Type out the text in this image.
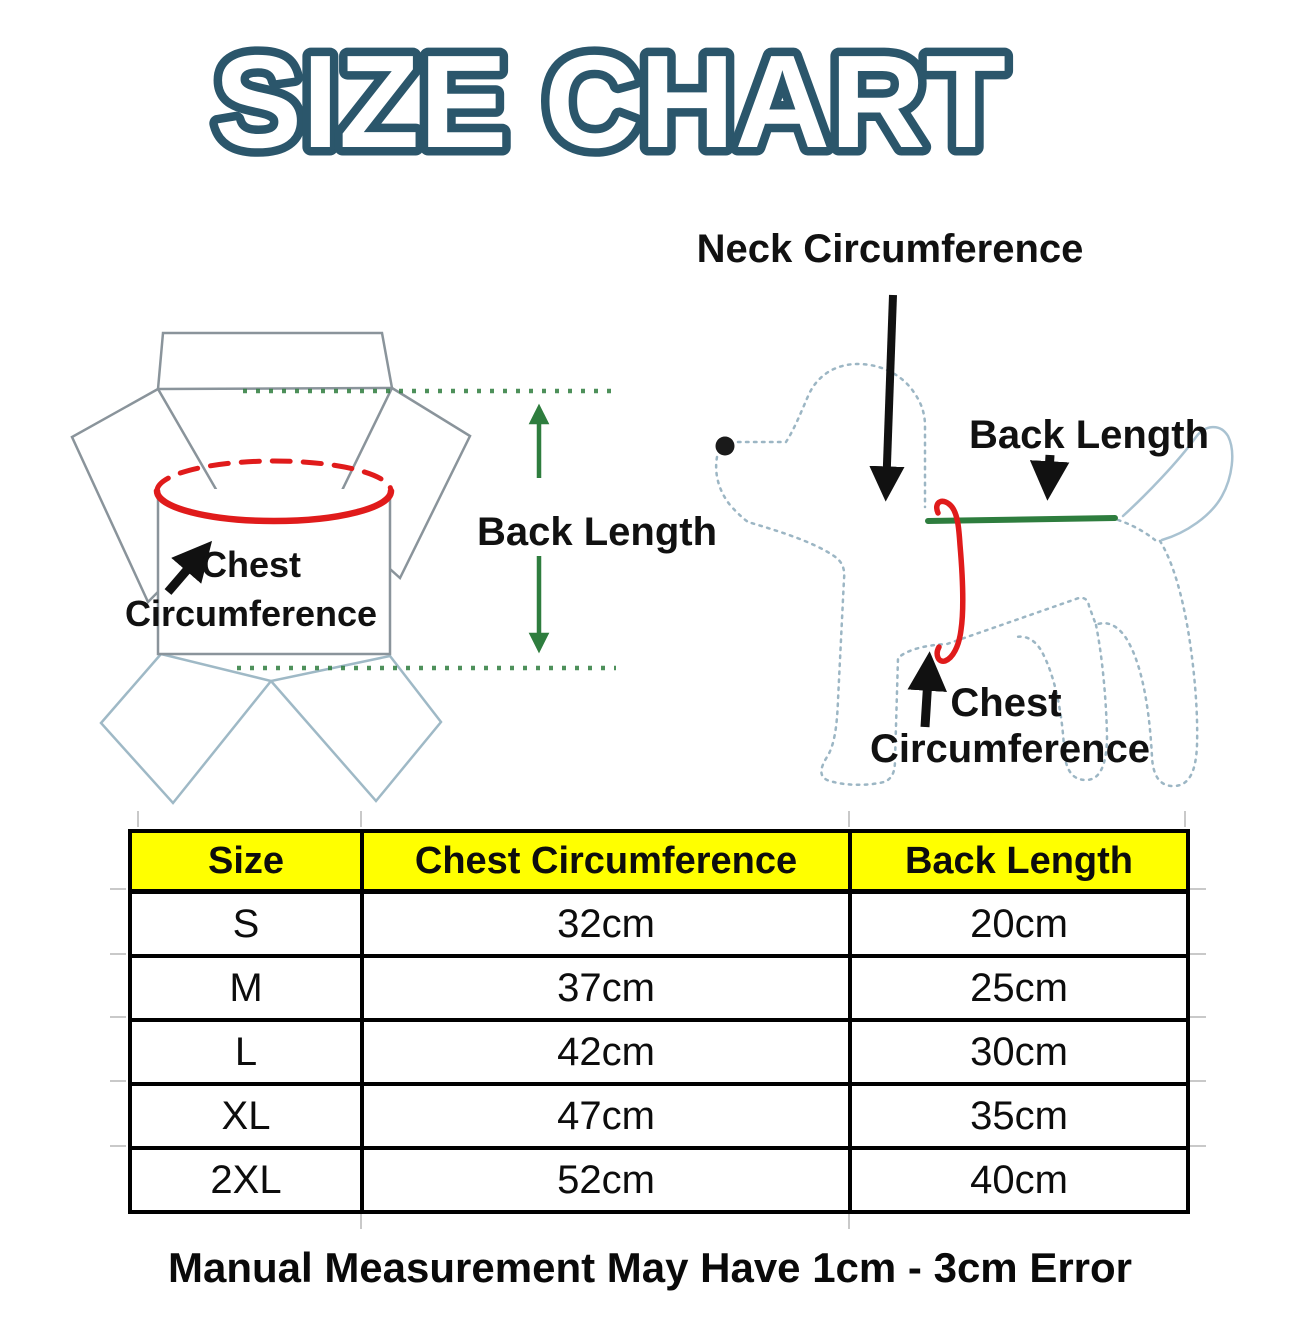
SIZE CHART
Back Length
Chest
Circumference
Neck Circumference
Back Length
Chest
Circumference
Size	Chest Circumference	Back Length
S	32cm	20cm
M	37cm	25cm
L	42cm	30cm
XL	47cm	35cm
2XL	52cm	40cm
Manual Measurement May Have 1cm - 3cm Error
